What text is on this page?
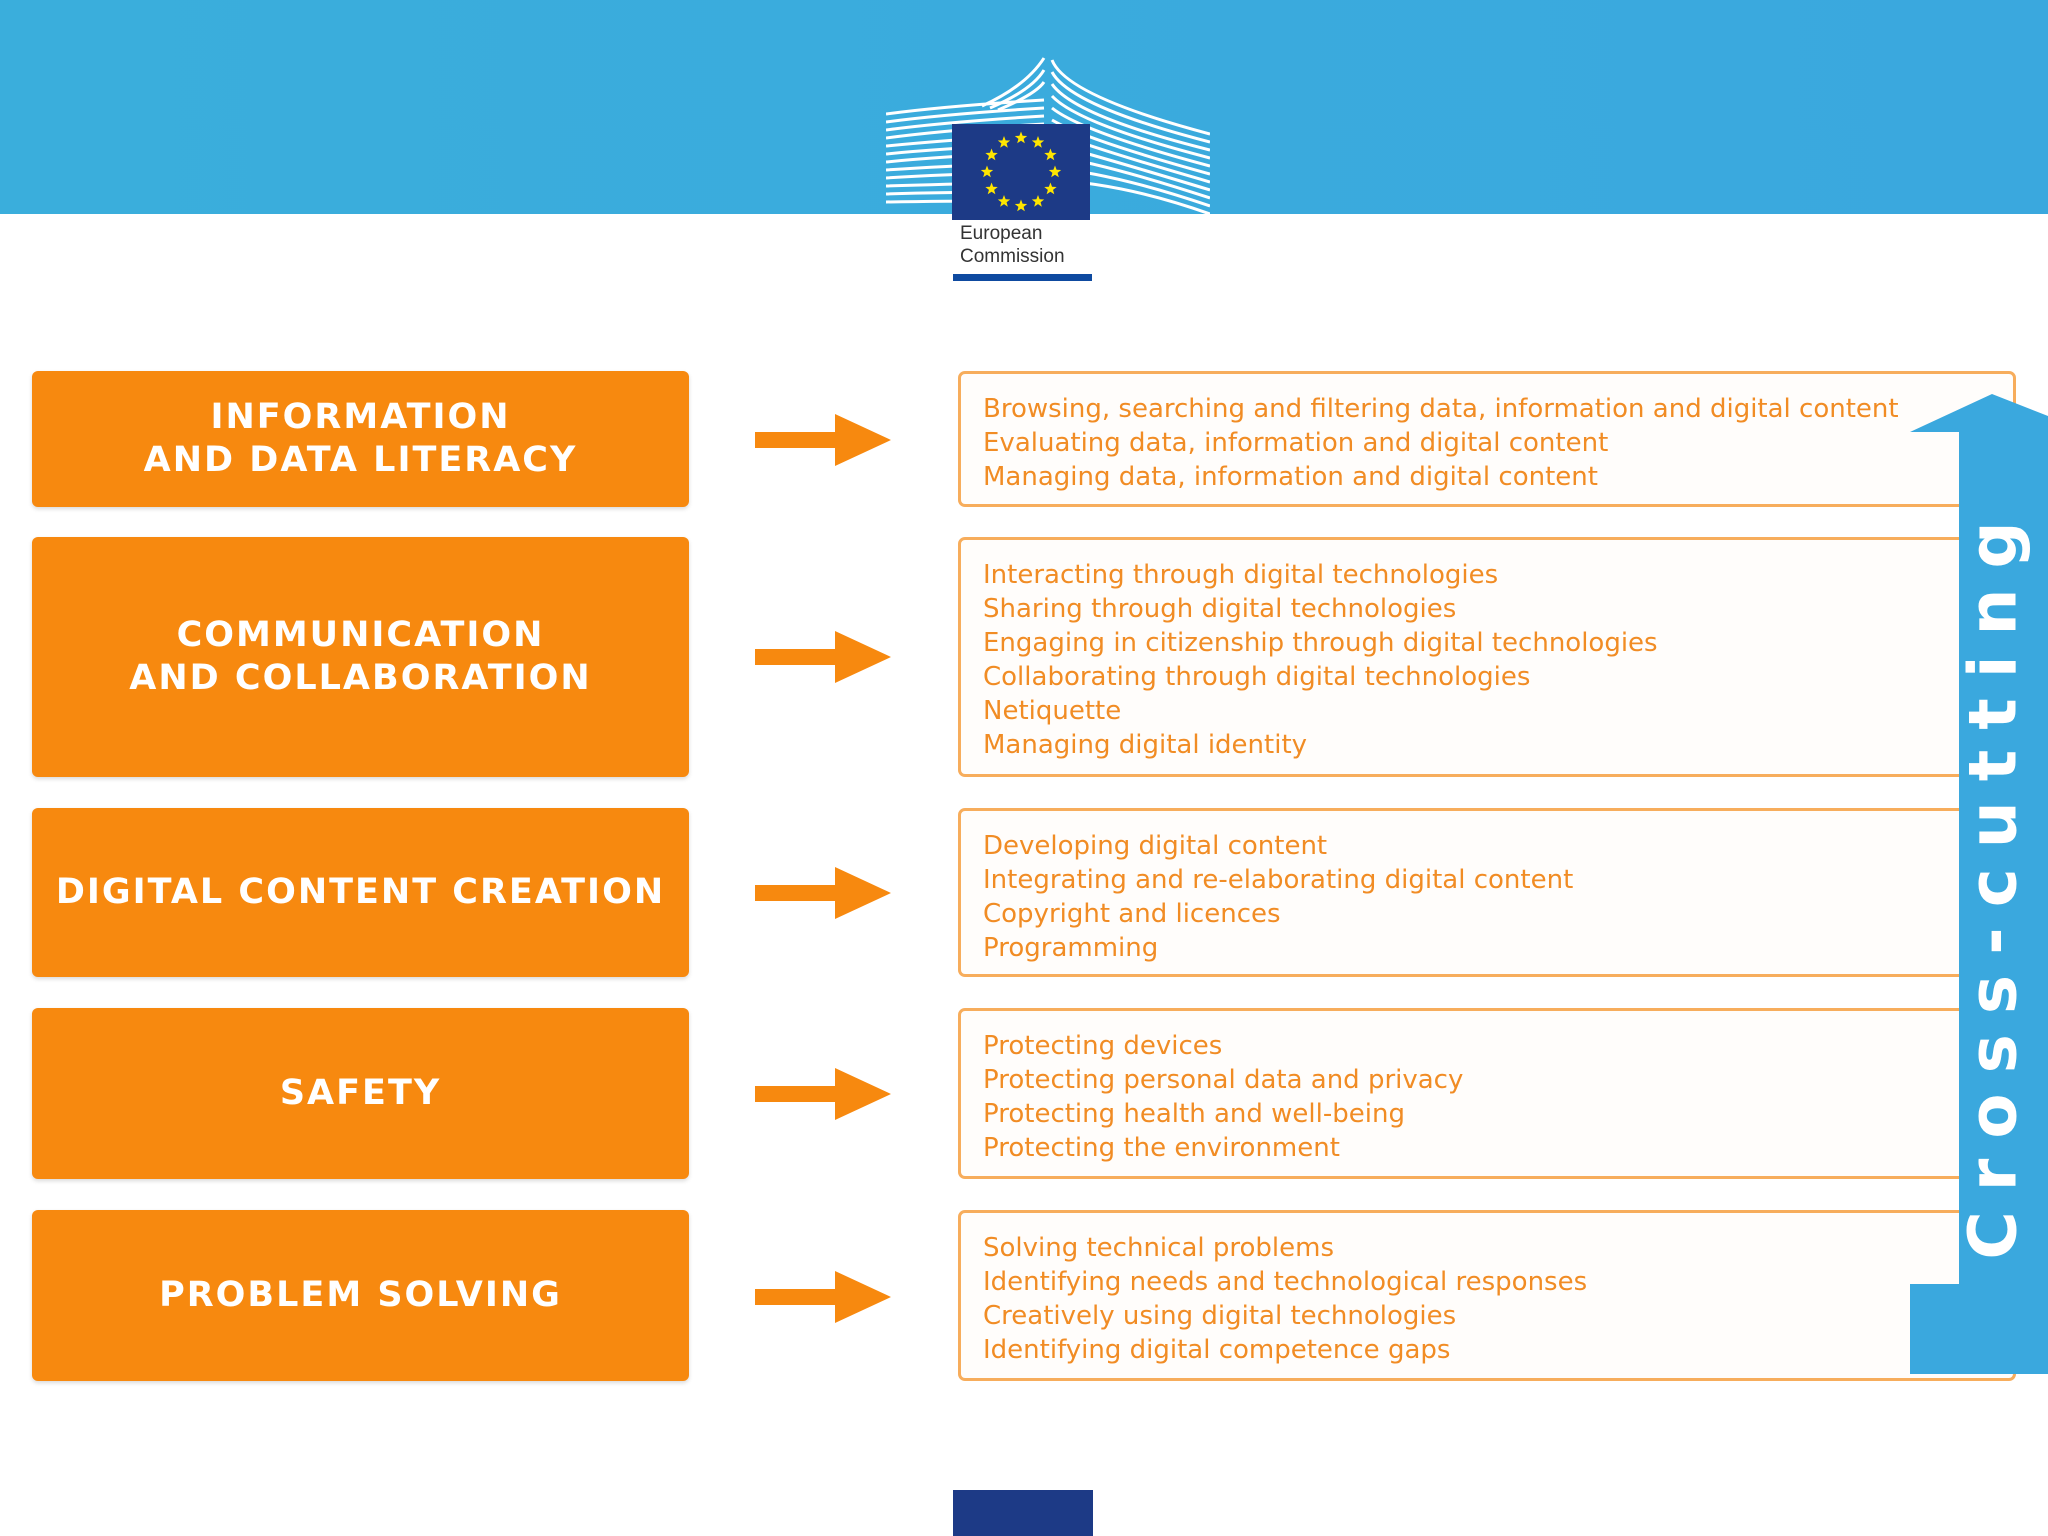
European
Commission
INFORMATION
AND DATA LITERACY
Browsing, searching and filtering data, information and digital content
Evaluating data, information and digital content
Managing data, information and digital content
COMMUNICATION
AND COLLABORATION
Interacting through digital technologies
Sharing through digital technologies
Engaging in citizenship through digital technologies
Collaborating through digital technologies
Netiquette
Managing digital identity
DIGITAL CONTENT CREATION
Developing digital content
Integrating and re-elaborating digital content
Copyright and licences
Programming
SAFETY
Protecting devices
Protecting personal data and privacy
Protecting health and well-being
Protecting the environment
PROBLEM SOLVING
Solving technical problems
Identifying needs and technological responses
Creatively using digital technologies
Identifying digital competence gaps
Cross-cutting
